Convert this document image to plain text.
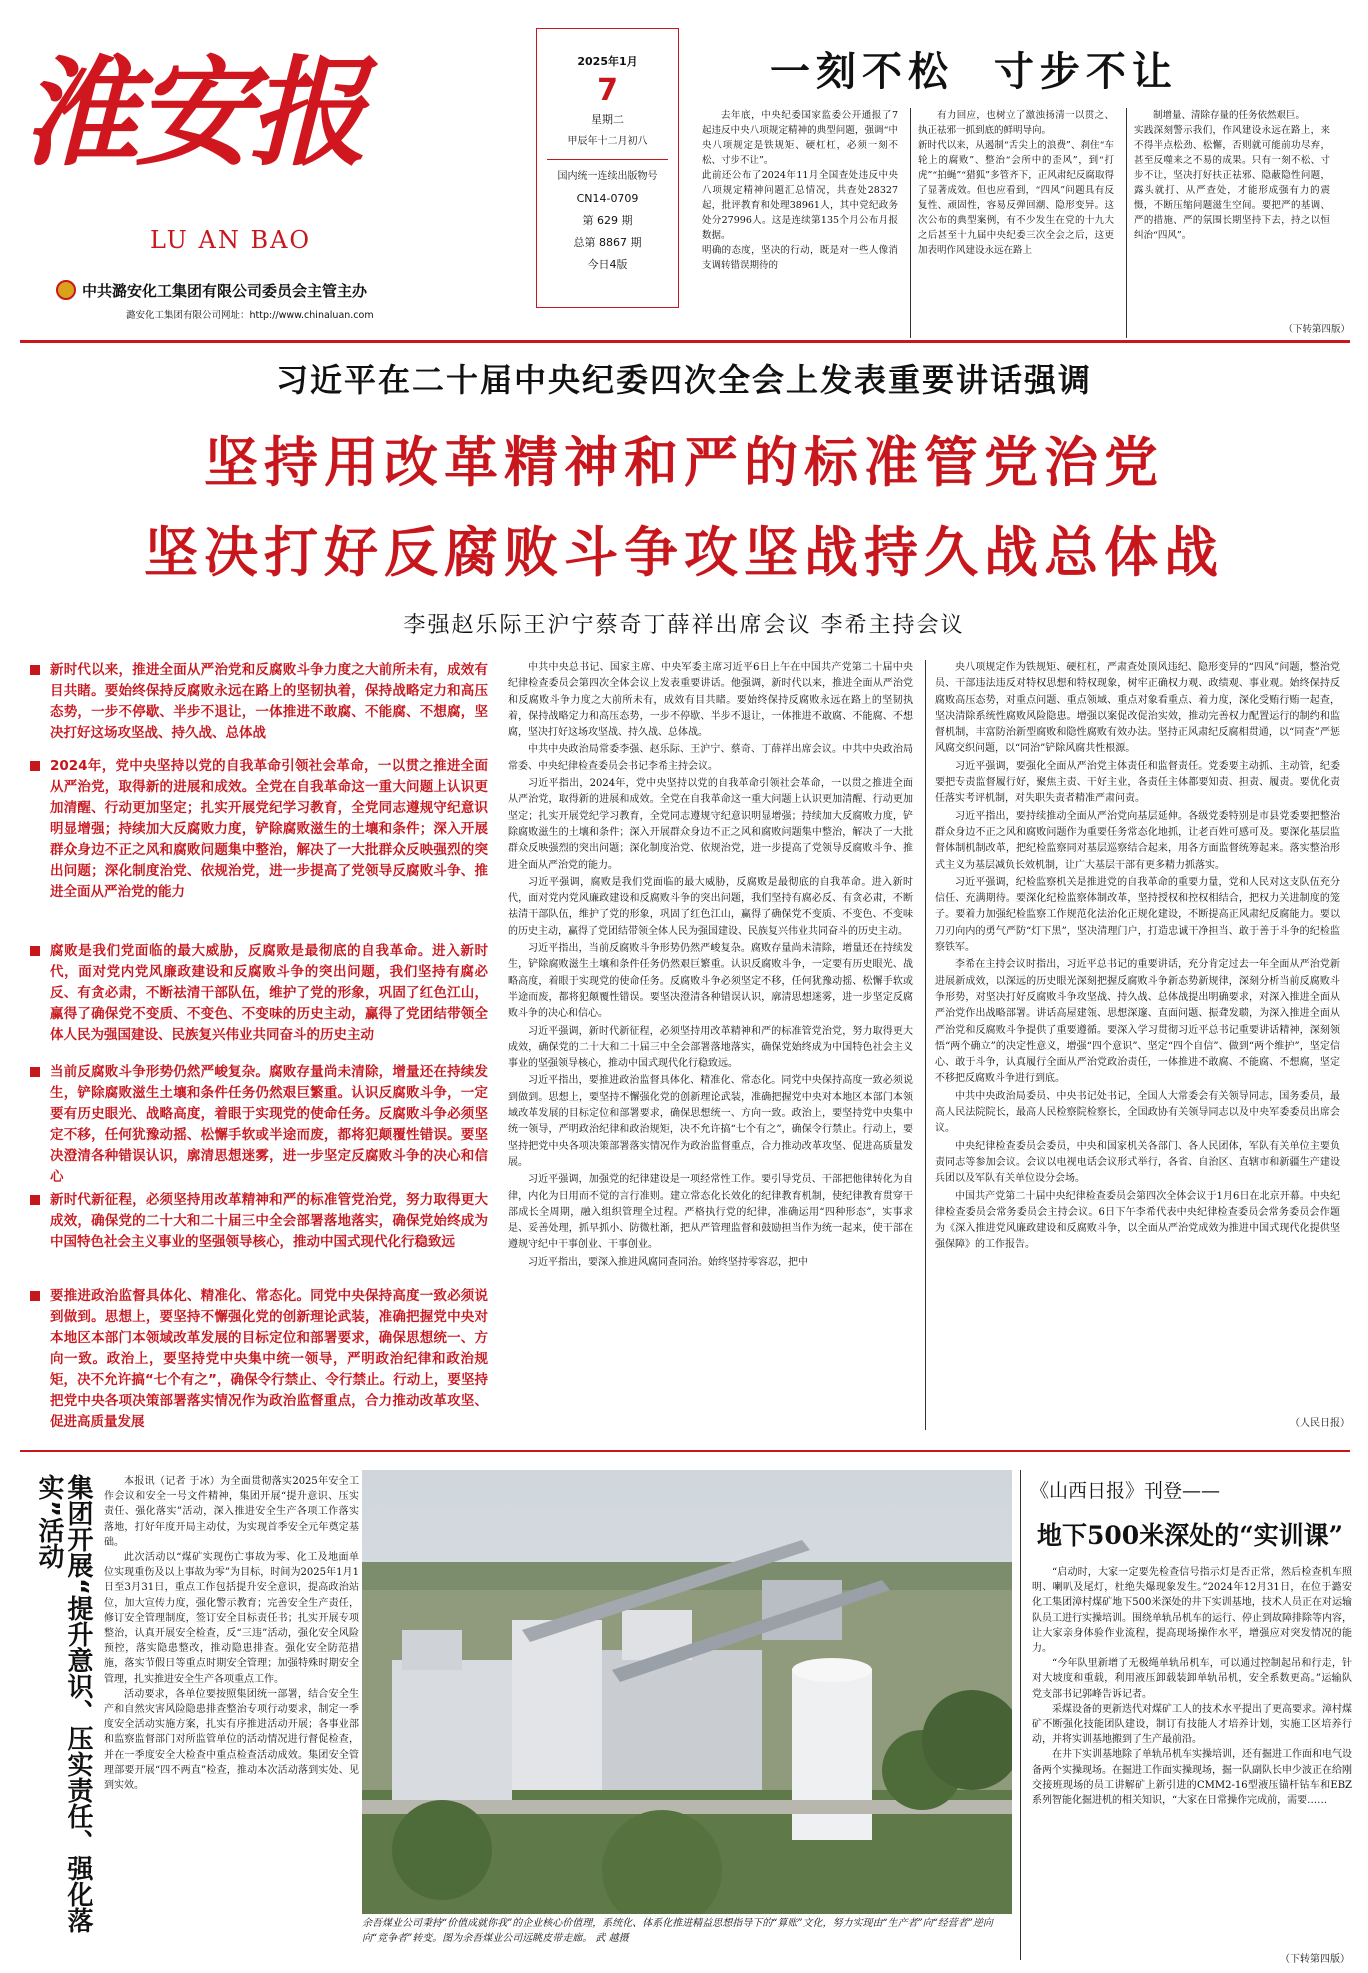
淮安报
LU AN BAO
中共潞安化工集团有限公司委员会主管主办
潞安化工集团有限公司网址：http://www.chinaluan.com
2025年1月
7
星期二
甲辰年十二月初八
国内统一连续出版物号
CN14-0709
第 629 期
总第 8867 期
今日4版
一刻不松  寸步不让

去年底，中央纪委国家监委公开通报了7起违反中央八项规定精神的典型问题，强调“中央八项规定是铁规矩、硬杠杠，必须一刻不松、寸步不让”。
此前还公布了2024年11月全国查处违反中央八项规定精神问题汇总情况，共查处28327起，批评教育和处理38961人，其中党纪政务处分27996人。这是连续第135个月公布月报数据。
明确的态度，坚决的行动，既是对一些人像消支调转错误期待的

有力回应，也树立了激浊扬清一以贯之、执正祛邪一抓到底的鲜明导向。
新时代以来，从遏制“舌尖上的浪费”、刹住“车轮上的腐败”、整治“会所中的歪风”，到“打虎”“拍蝇”“猎狐”多管齐下，正风肃纪反腐取得了显著成效。但也应看到，“四风”问题具有反复性、顽固性，容易反弹回潮、隐形变异。这次公布的典型案例，有不少发生在党的十九大之后甚至十九届中央纪委三次全会之后，这更加表明作风建设永远在路上

制增量、清除存量的任务依然艰巨。
实践深刻警示我们，作风建设永远在路上，来不得半点松劲、松懈，否则就可能前功尽弃，甚至反噬来之不易的成果。只有一刻不松、寸步不让，坚决打好扶正祛邪、隐蔽隐性问题，露头就打、从严查处，才能形成强有力的震慑，不断压缩问题滋生空间。要把严的基调、严的措施、严的氛围长期坚持下去，持之以恒纠治“四风”。

（下转第四版）
习近平在二十届中央纪委四次全会上发表重要讲话强调
坚持用改革精神和严的标准管党治党
坚决打好反腐败斗争攻坚战持久战总体战
李强赵乐际王沪宁蔡奇丁薛祥出席会议 李希主持会议
新时代以来，推进全面从严治党和反腐败斗争力度之大前所未有，成效有目共睹。要始终保持反腐败永远在路上的坚韧执着，保持战略定力和高压态势，一步不停歇、半步不退让，一体推进不敢腐、不能腐、不想腐，坚决打好这场攻坚战、持久战、总体战
2024年，党中央坚持以党的自我革命引领社会革命，一以贯之推进全面从严治党，取得新的进展和成效。全党在自我革命这一重大问题上认识更加清醒、行动更加坚定；扎实开展党纪学习教育，全党同志遵规守纪意识明显增强；持续加大反腐败力度，铲除腐败滋生的土壤和条件；深入开展群众身边不正之风和腐败问题集中整治，解决了一大批群众反映强烈的突出问题；深化制度治党、依规治党，进一步提高了党领导反腐败斗争、推进全面从严治党的能力
腐败是我们党面临的最大威胁，反腐败是最彻底的自我革命。进入新时代，面对党内党风廉政建设和反腐败斗争的突出问题，我们坚持有腐必反、有贪必肃，不断祛清干部队伍，维护了党的形象，巩固了红色江山，赢得了确保党不变质、不变色、不变味的历史主动，赢得了党团结带领全体人民为强国建设、民族复兴伟业共同奋斗的历史主动
当前反腐败斗争形势仍然严峻复杂。腐败存量尚未清除，增量还在持续发生，铲除腐败滋生土壤和条件任务仍然艰巨繁重。认识反腐败斗争，一定要有历史眼光、战略高度，着眼于实现党的使命任务。反腐败斗争必须坚定不移，任何犹豫动摇、松懈手软或半途而废，都将犯颠覆性错误。要坚决澄清各种错误认识，廓清思想迷雾，进一步坚定反腐败斗争的决心和信心
新时代新征程，必须坚持用改革精神和严的标准管党治党，努力取得更大成效，确保党的二十大和二十届三中全会部署落地落实，确保党始终成为中国特色社会主义事业的坚强领导核心，推动中国式现代化行稳致远
要推进政治监督具体化、精准化、常态化。同党中央保持高度一致必须说到做到。思想上，要坚持不懈强化党的创新理论武装，准确把握党中央对本地区本部门本领域改革发展的目标定位和部署要求，确保思想统一、方向一致。政治上，要坚持党中央集中统一领导，严明政治纪律和政治规矩，决不允许搞“七个有之”，确保令行禁止、令行禁止。行动上，要坚持把党中央各项决策部署落实情况作为政治监督重点，合力推动改革攻坚、促进高质量发展

中共中央总书记、国家主席、中央军委主席习近平6日上午在中国共产党第二十届中央纪律检查委员会第四次全体会议上发表重要讲话。他强调，新时代以来，推进全面从严治党和反腐败斗争力度之大前所未有，成效有目共睹。要始终保持反腐败永远在路上的坚韧执着，保持战略定力和高压态势，一步不停歇、半步不退让，一体推进不敢腐、不能腐、不想腐，坚决打好这场攻坚战、持久战、总体战。

中共中央政治局常委李强、赵乐际、王沪宁、蔡奇、丁薛祥出席会议。中共中央政治局常委、中央纪律检查委员会书记李希主持会议。

习近平指出，2024年，党中央坚持以党的自我革命引领社会革命，一以贯之推进全面从严治党，取得新的进展和成效。全党在自我革命这一重大问题上认识更加清醒、行动更加坚定；扎实开展党纪学习教育，全党同志遵规守纪意识明显增强；持续加大反腐败力度，铲除腐败滋生的土壤和条件；深入开展群众身边不正之风和腐败问题集中整治，解决了一大批群众反映强烈的突出问题；深化制度治党、依规治党，进一步提高了党领导反腐败斗争、推进全面从严治党的能力。

习近平强调，腐败是我们党面临的最大威胁，反腐败是最彻底的自我革命。进入新时代，面对党内党风廉政建设和反腐败斗争的突出问题，我们坚持有腐必反、有贪必肃，不断祛清干部队伍，维护了党的形象，巩固了红色江山，赢得了确保党不变质、不变色、不变味的历史主动，赢得了党团结带领全体人民为强国建设、民族复兴伟业共同奋斗的历史主动。

习近平指出，当前反腐败斗争形势仍然严峻复杂。腐败存量尚未清除，增量还在持续发生，铲除腐败滋生土壤和条件任务仍然艰巨繁重。认识反腐败斗争，一定要有历史眼光、战略高度，着眼于实现党的使命任务。反腐败斗争必须坚定不移，任何犹豫动摇、松懈手软或半途而废，都将犯颠覆性错误。要坚决澄清各种错误认识，廓清思想迷雾，进一步坚定反腐败斗争的决心和信心。

习近平强调，新时代新征程，必须坚持用改革精神和严的标准管党治党，努力取得更大成效，确保党的二十大和二十届三中全会部署落地落实，确保党始终成为中国特色社会主义事业的坚强领导核心，推动中国式现代化行稳致远。

习近平指出，要推进政治监督具体化、精准化、常态化。同党中央保持高度一致必须说到做到。思想上，要坚持不懈强化党的创新理论武装，准确把握党中央对本地区本部门本领域改革发展的目标定位和部署要求，确保思想统一、方向一致。政治上，要坚持党中央集中统一领导，严明政治纪律和政治规矩，决不允许搞“七个有之”，确保令行禁止。行动上，要坚持把党中央各项决策部署落实情况作为政治监督重点，合力推动改革攻坚、促进高质量发展。

习近平强调，加强党的纪律建设是一项经常性工作。要引导党员、干部把他律转化为自律，内化为日用而不觉的言行准则。建立常态化长效化的纪律教育机制，使纪律教育贯穿干部成长全周期，融入组织管理全过程。严格执行党的纪律，准确运用“四种形态”，实事求是、妥善处理，抓早抓小、防微杜渐，把从严管理监督和鼓励担当作为统一起来，使干部在遵规守纪中干事创业、干事创业。

习近平指出，要深入推进风腐同查同治。始终坚持零容忍，把中

央八项规定作为铁规矩、硬杠杠，严肃查处顶风违纪、隐形变异的“四风”问题，整治党员、干部违法违反对特权思想和特权现象，树牢正确权力观、政绩观、事业观。始终保持反腐败高压态势，对重点问题、重点领域、重点对象看重点、着力度，深化受贿行贿一起查，坚决清除系统性腐败风险隐患。增强以案促改促治实效，推动完善权力配置运行的制约和监督机制，丰富防治新型腐败和隐性腐败有效办法。坚持正风肃纪反腐相贯通，以“同查”严惩风腐交织问题，以“同治”铲除风腐共性根源。

习近平强调，要强化全面从严治党主体责任和监督责任。党委要主动抓、主动管，纪委要把专责监督履行好，聚焦主责、干好主业，各责任主体都要知责、担责、履责。要优化责任落实考评机制，对失职失责者精准严肃问责。

习近平指出，要持续推动全面从严治党向基层延伸。各级党委特别是市县党委要把整治群众身边不正之风和腐败问题作为重要任务常态化地抓，让老百姓可感可及。要深化基层监督体制机制改革，把纪检监察同对基层巡察结合起来，用各方面监督统筹起来。落实整治形式主义为基层减负长效机制，让广大基层干部有更多精力抓落实。

习近平强调，纪检监察机关是推进党的自我革命的重要力量，党和人民对这支队伍充分信任、充满期待。要深化纪检监察体制改革，坚持授权和控权相结合，把权力关进制度的笼子。要着力加强纪检监察工作规范化法治化正规化建设，不断提高正风肃纪反腐能力。要以刀刃向内的勇气严防“灯下黑”，坚决清理门户，打造忠诚干净担当、敢于善于斗争的纪检监察铁军。

李希在主持会议时指出，习近平总书记的重要讲话，充分肯定过去一年全面从严治党新进展新成效，以深远的历史眼光深刻把握反腐败斗争新态势新规律，深刻分析当前反腐败斗争形势，对坚决打好反腐败斗争攻坚战、持久战、总体战提出明确要求，对深入推进全面从严治党作出战略部署。讲话高屋建瓴、思想深邃、直面问题、振聋发聩，为深入推进全面从严治党和反腐败斗争提供了重要遵循。要深入学习贯彻习近平总书记重要讲话精神，深刻领悟“两个确立”的决定性意义，增强“四个意识”、坚定“四个自信”、做到“两个维护”，坚定信心、敢于斗争，认真履行全面从严治党政治责任，一体推进不敢腐、不能腐、不想腐，坚定不移把反腐败斗争进行到底。

中共中央政治局委员、中央书记处书记，全国人大常委会有关领导同志，国务委员，最高人民法院院长，最高人民检察院检察长，全国政协有关领导同志以及中央军委委员出席会议。

中央纪律检查委员会委员，中央和国家机关各部门、各人民团体，军队有关单位主要负责同志等参加会议。会议以电视电话会议形式举行，各省、自治区、直辖市和新疆生产建设兵团以及军队有关单位设分会场。

中国共产党第二十届中央纪律检查委员会第四次全体会议于1月6日在北京开幕。中央纪律检查委员会常务委员会主持会议。6日下午李希代表中央纪律检查委员会常务委员会作题为《深入推进党风廉政建设和反腐败斗争，以全面从严治党成效为推进中国式现代化提供坚强保障》的工作报告。

（人民日报）
集团开展“提升意识、压实责任、强化落实”活动	本报讯（记者 于冰）为全面贯彻落实2025年安全工作会议和安全一号文件精神，集团开展“提升意识、压实责任、强化落实”活动，深入推进安全生产各项工作落实落地，打好年度开局主动仗，为实现首季安全元年奠定基础。

此次活动以“煤矿实现伤亡事故为零、化工及地面单位实现重伤及以上事故为零”为目标，时间为2025年1月1日至3月31日，重点工作包括提升安全意识，提高政治站位，加大宣传力度，强化警示教育；完善安全生产责任，修订安全管理制度，签订安全目标责任书；扎实开展专项整治，认真开展安全检查，反“三违”活动，强化安全风险预控，落实隐患整改，推动隐患排查。强化安全防范措施，落实节假日等重点时期安全管理；加强特殊时期安全管理，扎实推进安全生产各项重点工作。

活动要求，各单位要按照集团统一部署，结合安全生产和自然灾害风险隐患排查整治专项行动要求，制定一季度安全活动实施方案，扎实有序推进活动开展；各事业部和监察监督部门对所监管单位的活动情况进行督促检查，并在一季度安全大检查中重点检查活动成效。集团安全管理部要开展“四不两直”检查，推动本次活动落到实处、见到实效。

余吾煤业公司秉持“价值成就你我”的企业核心价值理，系统化、体系化推进精益思想指导下的“算账”文化，努力实现由“生产者”向“经营者”逆向向“竞争者”转变。图为余吾煤业公司远眺皮带走廊。 武 越摄
《山西日报》刊登——
地下500米深处的“实训课”

“启动时，大家一定要先检查信号指示灯是否正常，然后检查机车照明、喇叭及尾灯，杜绝失爆现象发生。”2024年12月31日，在位于潞安化工集团漳村煤矿地下500米深处的井下实训基地，技术人员正在对运输队员工进行实操培训。围绕单轨吊机车的运行、停止到故障排除等内容，让大家亲身体验作业流程，提高现场操作水平，增强应对突发情况的能力。

“今年队里新增了无极绳单轨吊机车，可以通过控制起吊和行走，针对大坡度和重载，利用液压卸载装卸单轨吊机，安全系数更高。”运输队党支部书记郭峰告诉记者。

采煤设备的更新迭代对煤矿工人的技术水平提出了更高要求。漳村煤矿不断强化技能团队建设，制订有技能人才培养计划，实施工区培养行动，并将实训基地搬到了生产最前沿。

在井下实训基地除了单轨吊机车实操培训，还有掘进工作面和电气设备两个实操现场。在掘进工作面实操现场，掘一队副队长申少波正在给刚交接班现场的员工讲解矿上新引进的CMM2-16型液压锚杆钻车和EBZ系列智能化掘进机的相关知识，“大家在日常操作完成前，需要……

（下转第四版）
